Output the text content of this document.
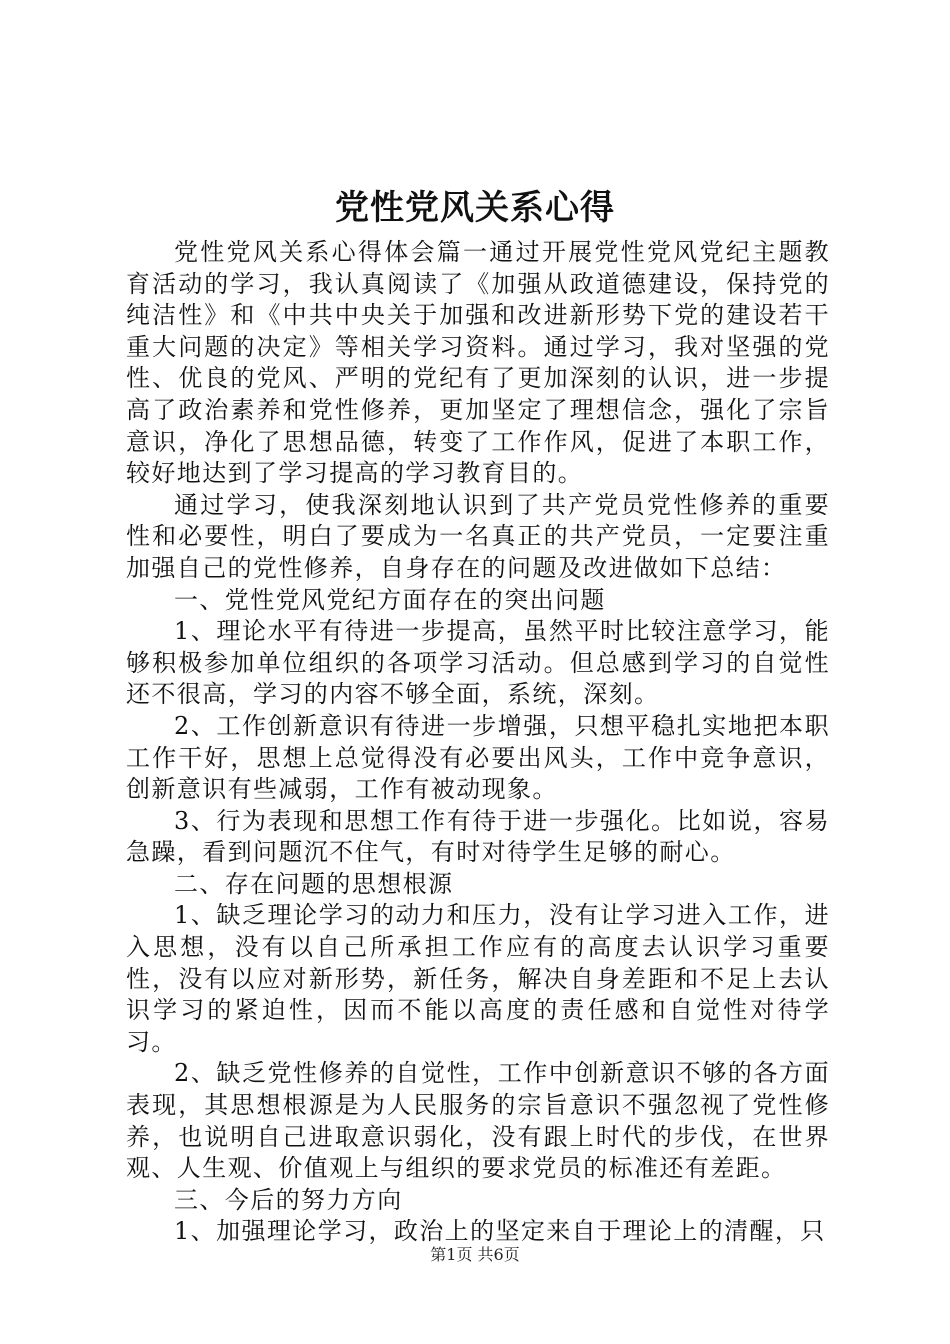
党性党风关系心得

党性党风关系心得体会篇一通过开展党性党风党纪主题教育活动的学习，我认真阅读了《加强从政道德建设，保持党的纯洁性》和《中共中央关于加强和改进新形势下党的建设若干重大问题的决定》等相关学习资料。通过学习，我对坚强的党性、优良的党风、严明的党纪有了更加深刻的认识，进一步提高了政治素养和党性修养，更加坚定了理想信念，强化了宗旨意识，净化了思想品德，转变了工作作风，促进了本职工作，较好地达到了学习提高的学习教育目的。

通过学习，使我深刻地认识到了共产党员党性修养的重要性和必要性，明白了要成为一名真正的共产党员，一定要注重加强自己的党性修养，自身存在的问题及改进做如下总结：

一、党性党风党纪方面存在的突出问题

1、理论水平有待进一步提高，虽然平时比较注意学习，能够积极参加单位组织的各项学习活动。但总感到学习的自觉性还不很高，学习的内容不够全面，系统，深刻。

2、工作创新意识有待进一步增强，只想平稳扎实地把本职工作干好，思想上总觉得没有必要出风头，工作中竞争意识，创新意识有些减弱，工作有被动现象。

3、行为表现和思想工作有待于进一步强化。比如说，容易急躁，看到问题沉不住气，有时对待学生足够的耐心。

二、存在问题的思想根源

1、缺乏理论学习的动力和压力，没有让学习进入工作，进入思想，没有以自己所承担工作应有的高度去认识学习重要性，没有以应对新形势，新任务，解决自身差距和不足上去认识学习的紧迫性，因而不能以高度的责任感和自觉性对待学习。

2、缺乏党性修养的自觉性，工作中创新意识不够的各方面表现，其思想根源是为人民服务的宗旨意识不强忽视了党性修养，也说明自己进取意识弱化，没有跟上时代的步伐，在世界观、人生观、价值观上与组织的要求党员的标准还有差距。

三、今后的努力方向

1、加强理论学习，政治上的坚定来自于理论上的清醒，只

第1页 共6页
